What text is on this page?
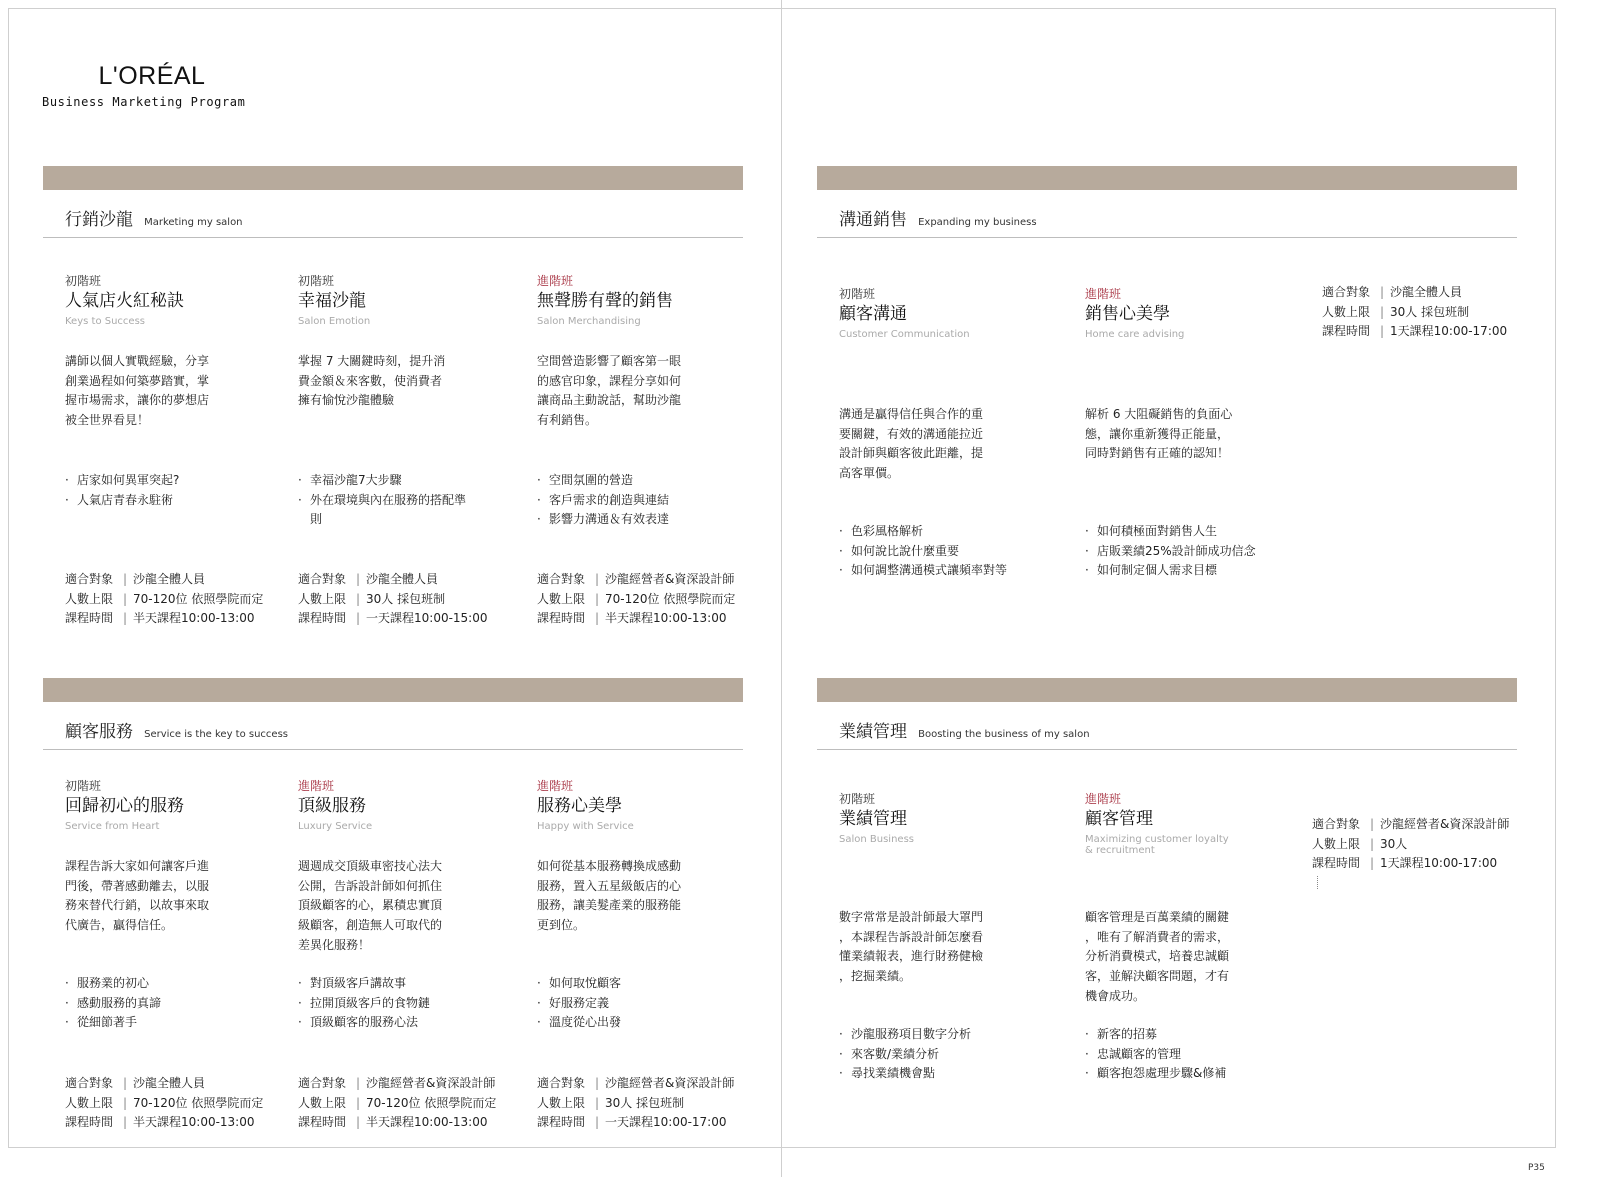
L'ORÉAL
Business Marketing Program
行銷沙龍 Marketing my salon
初階班
人氣店火紅秘訣
Keys to Success
講師以個人實戰經驗，分享
創業過程如何築夢踏實，掌
握市場需求，讓你的夢想店
被全世界看見！
· 店家如何異軍突起?
· 人氣店青春永駐術
適合對象 | 沙龍全體人員
人數上限 | 70-120位 依照學院而定
課程時間 | 半天課程10:00-13:00
初階班
幸福沙龍
Salon Emotion
掌握 7 大關鍵時刻，提升消
費金額＆來客數，使消費者
擁有愉悅沙龍體驗
· 幸福沙龍7大步驟
· 外在環境與內在服務的搭配準則
適合對象 | 沙龍全體人員
人數上限 | 30人 採包班制
課程時間 | 一天課程10:00-15:00
進階班
無聲勝有聲的銷售
Salon Merchandising
空間營造影響了顧客第一眼
的感官印象，課程分享如何
讓商品主動說話，幫助沙龍
有利銷售。
· 空間氛圍的營造
· 客戶需求的創造與連結
· 影響力溝通＆有效表達
適合對象 | 沙龍經營者&資深設計師
人數上限 | 70-120位 依照學院而定
課程時間 | 半天課程10:00-13:00
顧客服務 Service is the key to success
初階班
回歸初心的服務
Service from Heart
課程告訴大家如何讓客戶進
門後，帶著感動離去，以服
務來替代行銷，以故事來取
代廣告，贏得信任。
· 服務業的初心
· 感動服務的真諦
· 從細節著手
適合對象 | 沙龍全體人員
人數上限 | 70-120位 依照學院而定
課程時間 | 半天課程10:00-13:00
進階班
頂級服務
Luxury Service
週週成交頂級車密技心法大
公開，告訴設計師如何抓住
頂級顧客的心，累積忠實頂
級顧客，創造無人可取代的
差異化服務！
· 對頂級客戶講故事
· 拉開頂級客戶的食物鏈
· 頂級顧客的服務心法
適合對象 | 沙龍經營者&資深設計師
人數上限 | 70-120位 依照學院而定
課程時間 | 半天課程10:00-13:00
進階班
服務心美學
Happy with Service
如何從基本服務轉換成感動
服務，置入五星級飯店的心
服務，讓美髮產業的服務能
更到位。
· 如何取悅顧客
· 好服務定義
· 溫度從心出發
適合對象 | 沙龍經營者&資深設計師
人數上限 | 30人 採包班制
課程時間 | 一天課程10:00-17:00
溝通銷售 Expanding my business
初階班
顧客溝通
Customer Communication
溝通是贏得信任與合作的重
要關鍵，有效的溝通能拉近
設計師與顧客彼此距離，提
高客單價。
· 色彩風格解析
· 如何說比說什麼重要
· 如何調整溝通模式讓頻率對等
進階班
銷售心美學
Home care advising
解析 6 大阻礙銷售的負面心
態，讓你重新獲得正能量，
同時對銷售有正確的認知！
· 如何積極面對銷售人生
· 店販業績25%設計師成功信念
· 如何制定個人需求目標
適合對象 | 沙龍全體人員
人數上限 | 30人 採包班制
課程時間 | 1天課程10:00-17:00
業績管理 Boosting the business of my salon
初階班
業績管理
Salon Business
數字常常是設計師最大罩門
，本課程告訴設計師怎麼看
懂業績報表，進行財務健檢
，挖掘業績。
· 沙龍服務項目數字分析
· 來客數/業績分析
· 尋找業績機會點
進階班
顧客管理
Maximizing customer loyalty & recruitment
顧客管理是百萬業績的關鍵
，唯有了解消費者的需求，
分析消費模式，培養忠誠顧
客，並解決顧客問題，才有
機會成功。
· 新客的招募
· 忠誠顧客的管理
· 顧客抱怨處理步驟&修補
適合對象 | 沙龍經營者&資深設計師
人數上限 | 30人
課程時間 | 1天課程10:00-17:00
P35
